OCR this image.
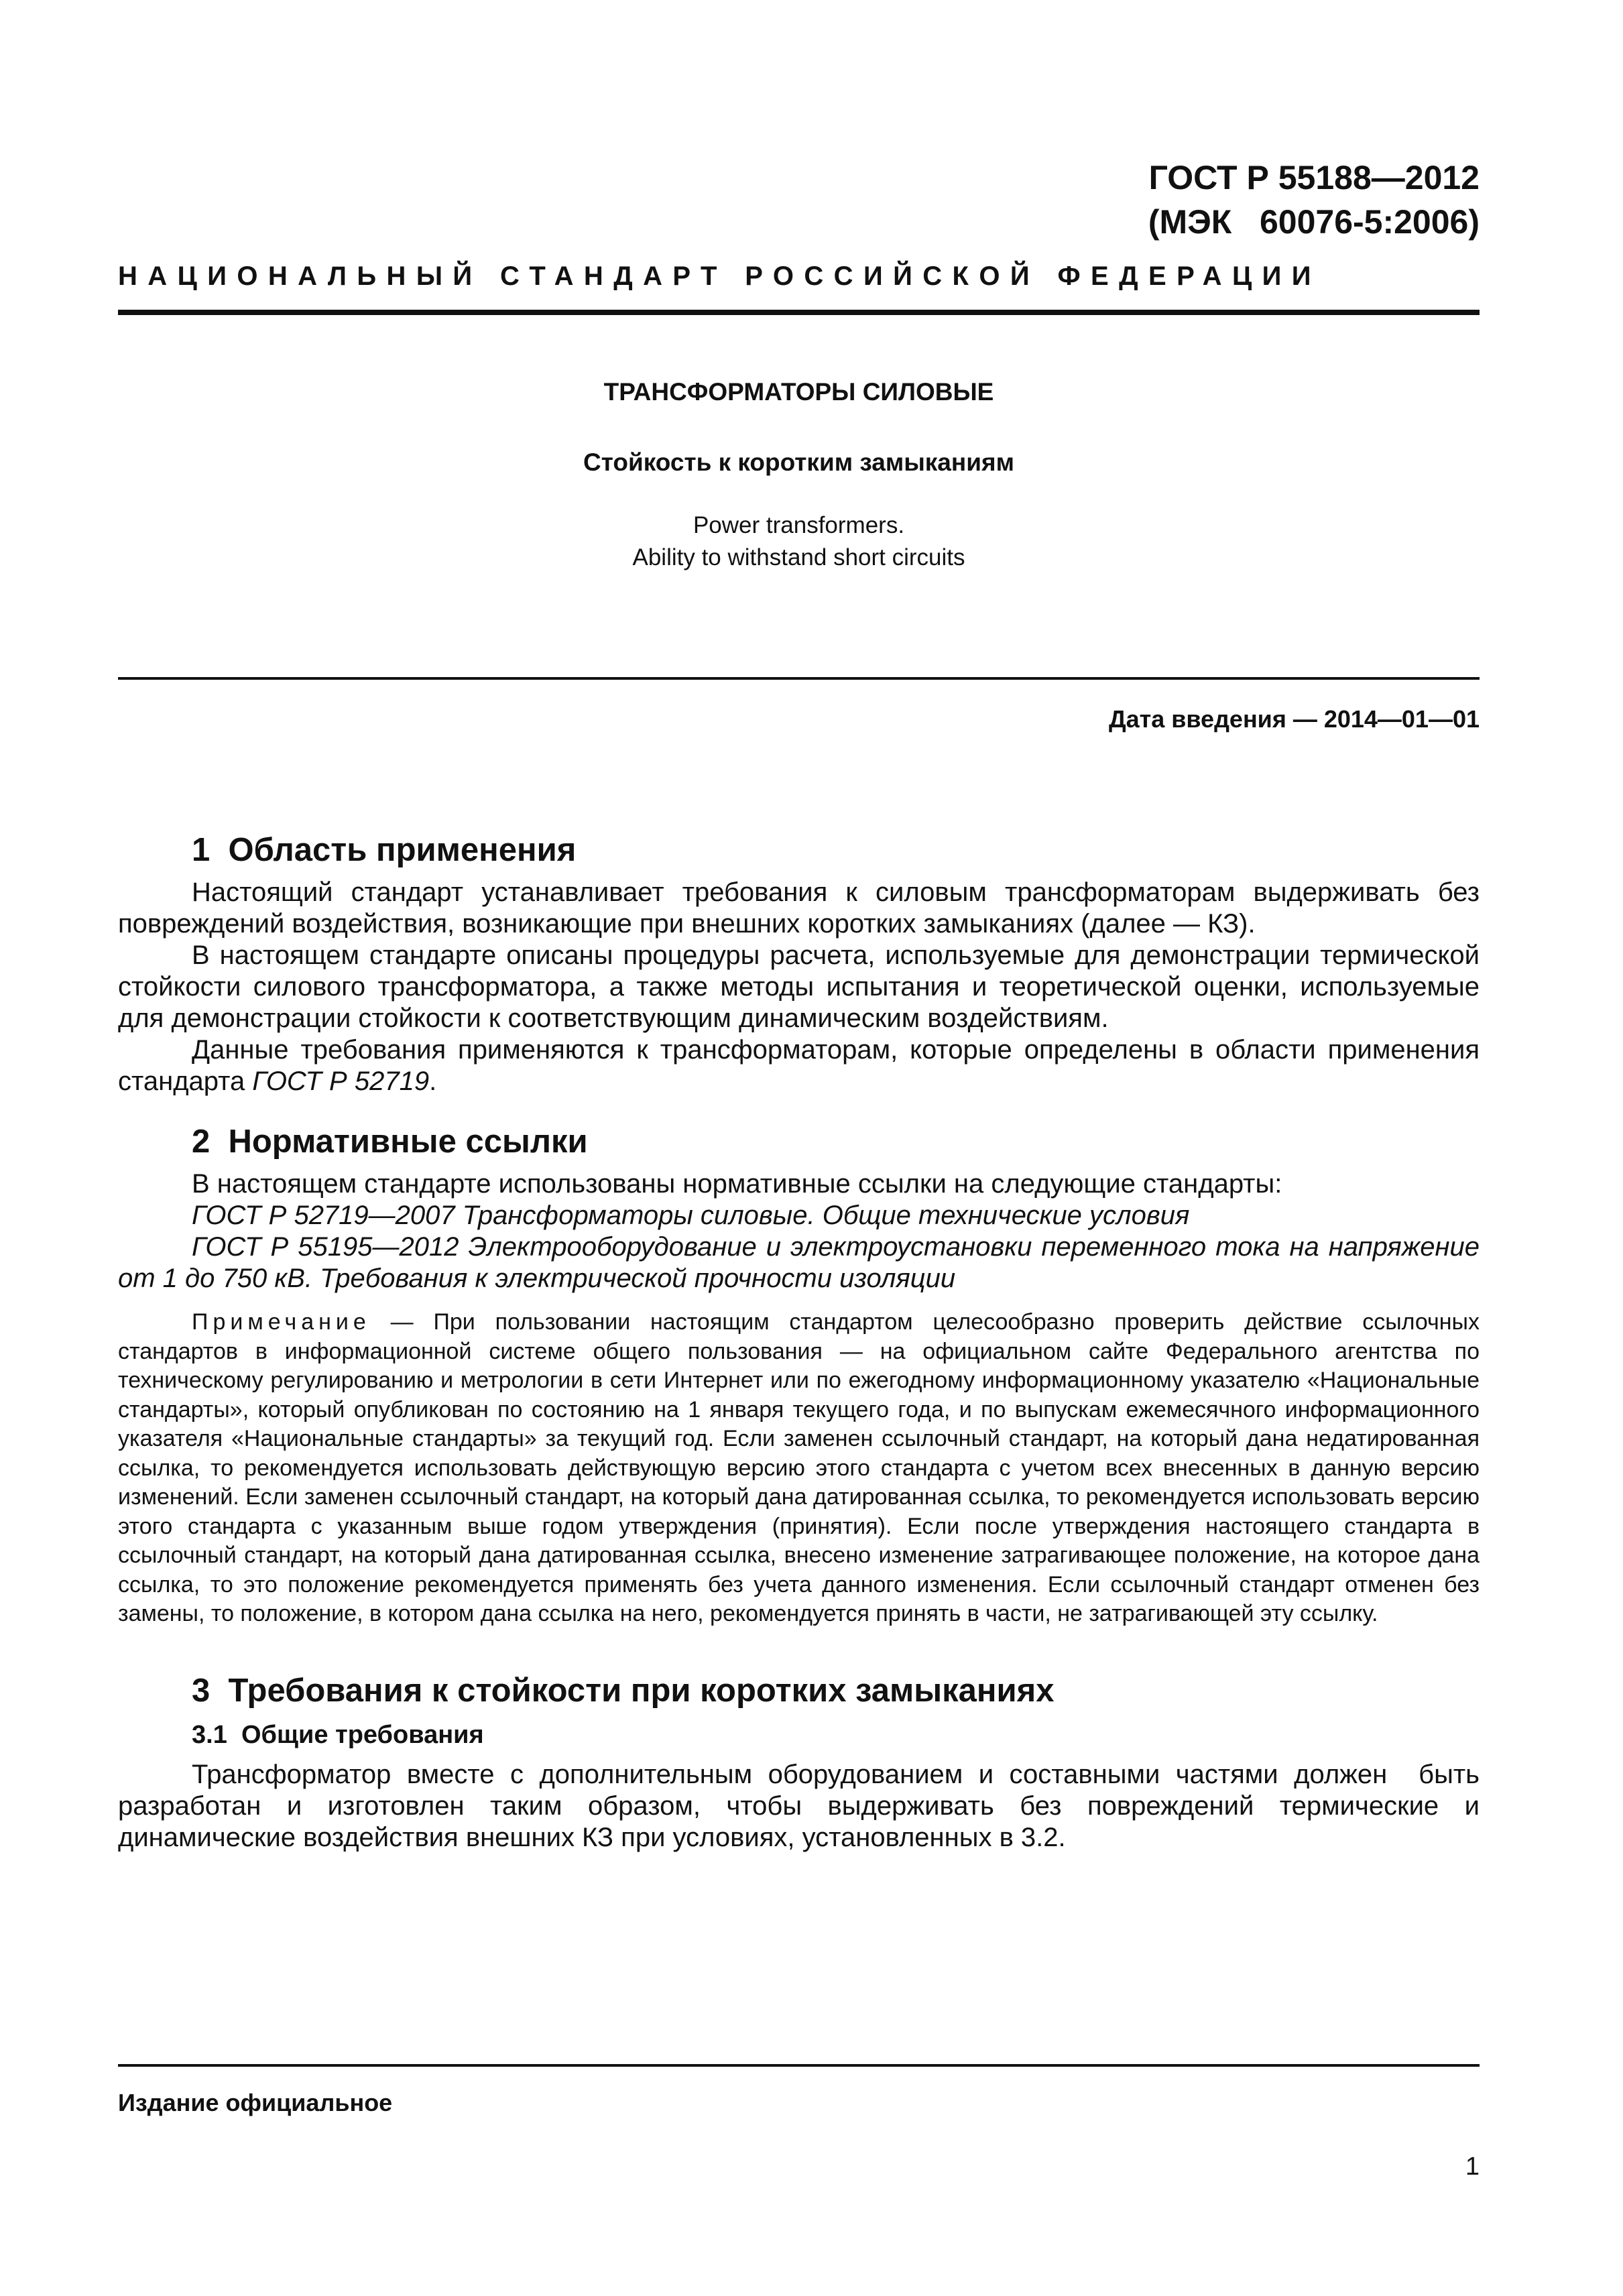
ГОСТ Р 55188—2012
(МЭК   60076-5:2006)
НАЦИОНАЛЬНЫЙ СТАНДАРТ РОССИЙСКОЙ ФЕДЕРАЦИИ
ТРАНСФОРМАТОРЫ СИЛОВЫЕ
Стойкость к коротким замыканиям
Power transformers.
Ability to withstand short circuits
Дата введения — 2014—01—01
1  Область применения

Настоящий стандарт устанавливает требования к силовым трансформаторам выдерживать без повреждений воздействия, возникающие при внешних коротких замыканиях (далее — КЗ).

В настоящем стандарте описаны процедуры расчета, используемые для демонстрации термической стойкости силового трансформатора, а также методы испытания и теоретической оценки, используемые для демонстрации стойкости к соответствующим динамическим воздействиям.

Данные требования применяются к трансформаторам, которые определены в области применения стандарта ГОСТ Р 52719.

2  Нормативные ссылки

В настоящем стандарте использованы нормативные ссылки на следующие стандарты:

ГОСТ Р 52719—2007 Трансформаторы силовые. Общие технические условия

ГОСТ Р 55195—2012 Электрооборудование и электроустановки переменного тока на напряжение от 1 до 750 кВ. Требования к электрической прочности изоляции

Примечание — При пользовании настоящим стандартом целесообразно проверить действие ссылочных стандартов в информационной системе общего пользования — на официальном сайте Федерального агентства по техническому регулированию и метрологии в сети Интернет или по ежегодному информационному указателю «Национальные стандарты», который опубликован по состоянию на 1 января текущего года, и по выпускам ежемесячного информационного указателя «Национальные стандарты» за текущий год. Если заменен ссылочный стандарт, на который дана недатированная ссылка, то рекомендуется использовать действующую версию этого стандарта с учетом всех внесенных в данную версию изменений. Если заменен ссылочный стандарт, на который дана датированная ссылка, то рекомендуется использовать версию этого стандарта с указанным выше годом утверждения (принятия). Если после утверждения настоящего стандарта в ссылочный стандарт, на который дана датированная ссылка, внесено изменение затрагивающее положение, на которое дана ссылка, то это положение рекомендуется применять без учета данного изменения. Если ссылочный стандарт отменен без замены, то положение, в котором дана ссылка на него, рекомендуется принять в части, не затрагивающей эту ссылку.

3  Требования к стойкости при коротких замыканиях
3.1  Общие требования

Трансформатор вместе с дополнительным оборудованием и составными частями должен  быть разработан и изготовлен таким образом, чтобы выдерживать без повреждений термические и динамические воздействия внешних КЗ при условиях, установленных в 3.2.

Издание официальное
1
